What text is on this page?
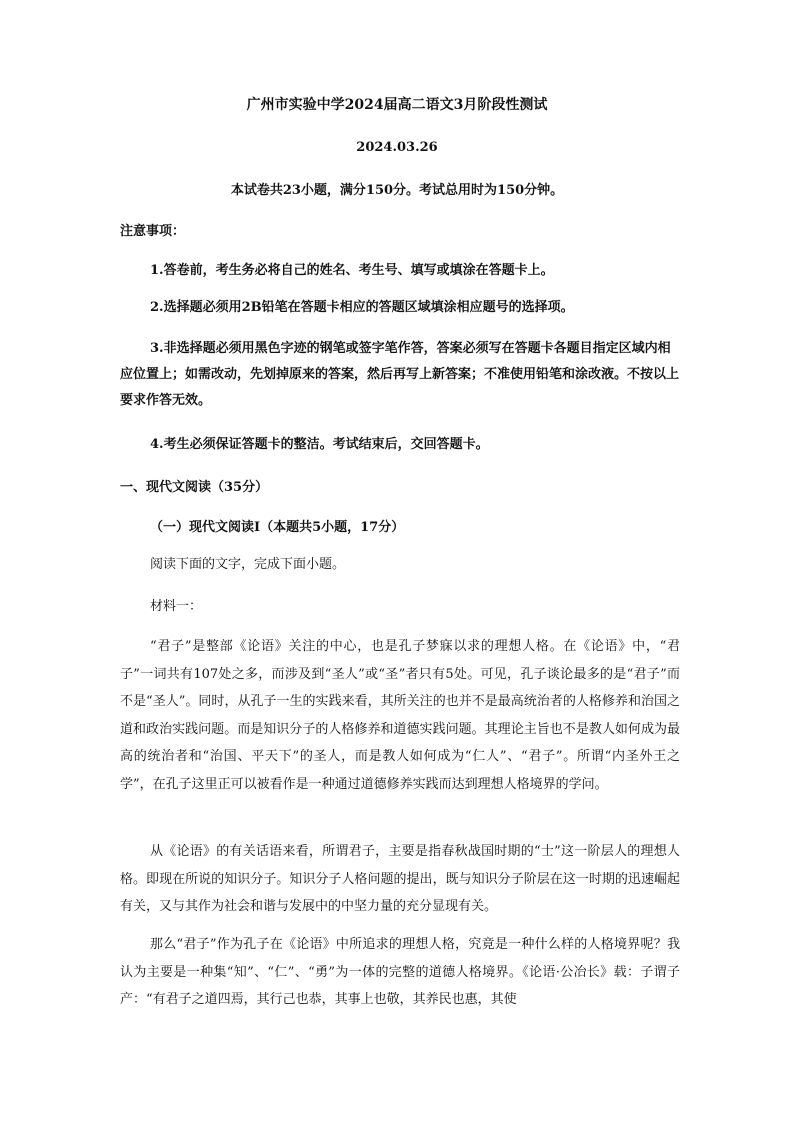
广州市实验中学2024届高二语文3月阶段性测试
2024.03.26
本试卷共23小题，满分150分。考试总用时为150分钟。
注意事项：
1.答卷前，考生务必将自己的姓名、考生号、填写或填涂在答题卡上。
2.选择题必须用2B铅笔在答题卡相应的答题区域填涂相应题号的选择项。
3.非选择题必须用黑色字迹的钢笔或签字笔作答，答案必须写在答题卡各题目指定区域内相应位置上；如需改动，先划掉原来的答案，然后再写上新答案；不准使用铅笔和涂改液。不按以上要求作答无效。
4.考生必须保证答题卡的整洁。考试结束后，交回答题卡。
一、现代文阅读（35分）
（一）现代文阅读Ⅰ（本题共5小题，17分）
阅读下面的文字，完成下面小题。
材料一：
“君子”是整部《论语》关注的中心，也是孔子梦寐以求的理想人格。在《论语》中，“君子”一词共有107处之多，而涉及到“圣人”或“圣”者只有5处。可见，孔子谈论最多的是“君子”而不是“圣人”。同时，从孔子一生的实践来看，其所关注的也并不是最高统治者的人格修养和治国之道和政治实践问题。而是知识分子的人格修养和道德实践问题。其理论主旨也不是教人如何成为最高的统治者和“治国、平天下”的圣人，而是教人如何成为“仁人”、“君子”。所谓“内圣外王之学”，在孔子这里正可以被看作是一种通过道德修养实践而达到理想人格境界的学问。
从《论语》的有关话语来看，所谓君子，主要是指春秋战国时期的“士”这一阶层人的理想人格。即现在所说的知识分子。知识分子人格问题的提出，既与知识分子阶层在这一时期的迅速崛起有关，又与其作为社会和谐与发展中的中坚力量的充分显现有关。
那么“君子”作为孔子在《论语》中所追求的理想人格，究竟是一种什么样的人格境界呢？我认为主要是一种集“知”、“仁”、“勇”为一体的完整的道德人格境界。《论语·公冶长》载：子谓子产：“有君子之道四焉，其行己也恭，其事上也敬，其养民也惠，其使
